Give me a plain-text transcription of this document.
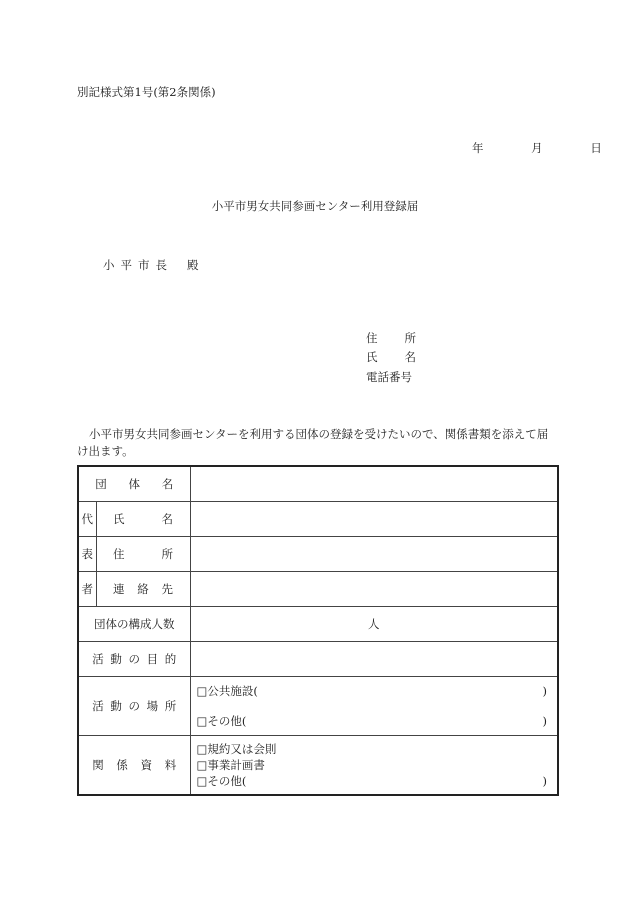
別記様式第1号(第2条関係)
年	月	日
小平市男女共同参画センター利用登録届
小平市長 殿
住所
氏名
電話番号
小平市男女共同参画センターを利用する団体の登録を受けたいので、関係書類を添えて届け出ます。
団体名		
代	氏名	
表	住所	
者	連絡先	
団体の構成人数		人
活動の目的		
活動の場所		□公共施設( )
□その他( )

関係資料		□規約又は会則
□事業計画書
□その他( )
